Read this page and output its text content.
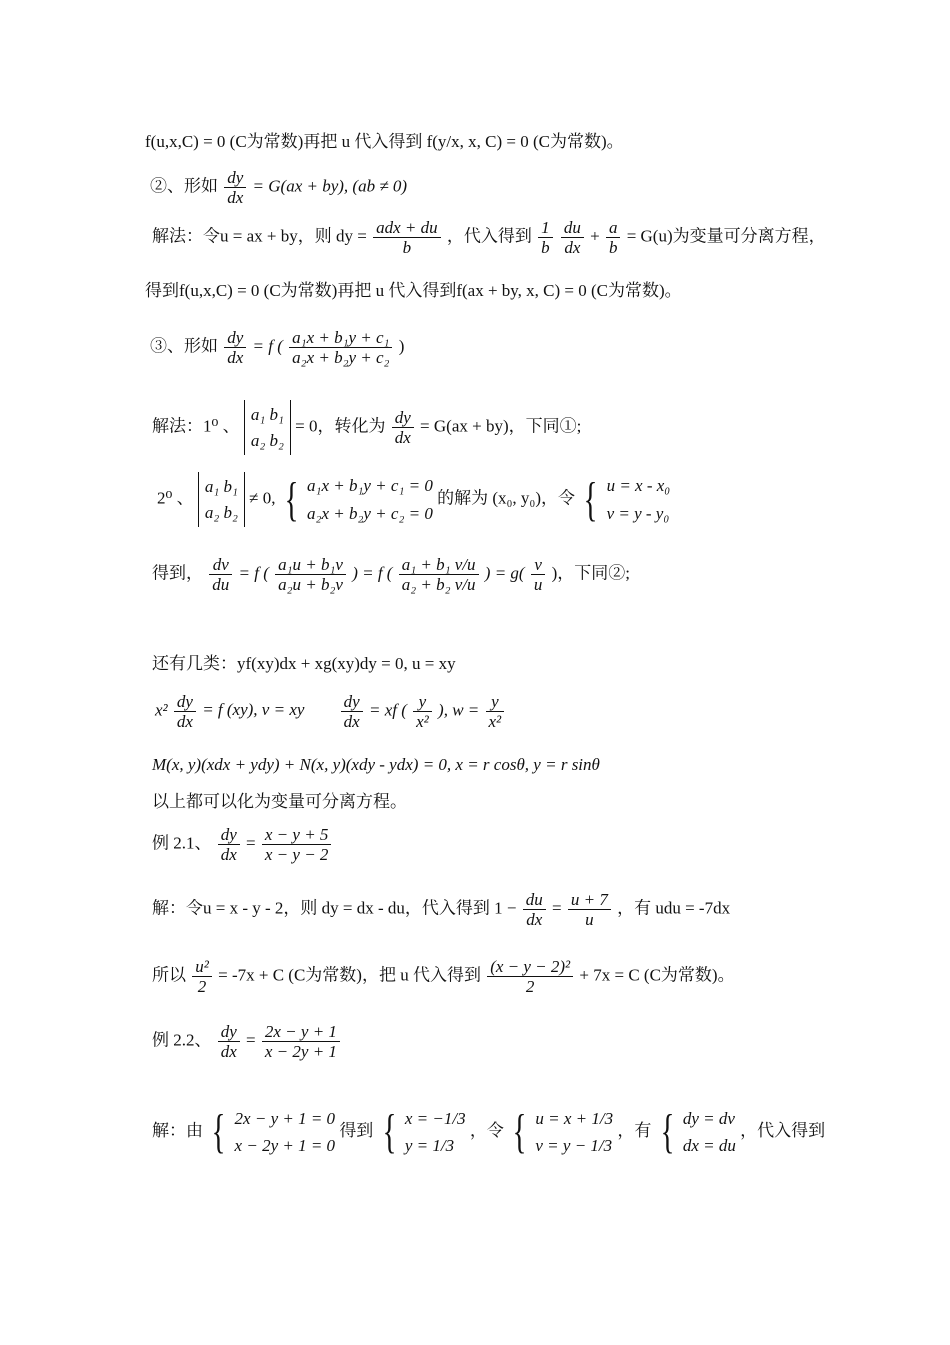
f(u,x,C) = 0 (C为常数)再把 u 代入得到 f(y/x, x, C) = 0 (C为常数)。
②、形如 $\frac{dy}{dx} = G(ax + by)$, (ab ≠ 0)
解法：令u = ax + by，则 dy = $\frac{\text{adx + du}}{b}$ ，代入得到 $\frac{1}{b}$
$\frac{du}{dx} + \frac{a}{b} = G(u)$为变量可分离方程，
得到f(u,x,C) = 0 (C为常数)再把 u 代入得到f(ax + by, x, C) = 0 (C为常数)。
③、形如 $\frac{dy}{dx} = f$ ( $\frac{\text{a₁x + b₁y + c₁}}{\text{a₂x + b₂y + c₂}}$ )
解法：1⁰ 、
a₁ b₁
a₂ b₂
= 0，转化为 $\frac{dy}{dx} = G(ax + by)$，下同①;
2⁰ 、
a₁ b₁
a₂ b₂
≠ 0, { a₁x + b₁y + c₁ = 0
a₂x + b₂y + c₂ = 0
的解为 (x₀, y₀)，令 { u = x - x₀
v = y - y₀
得到， $\frac{dv}{du} = f$ ( $\frac{\text{a₁u + b₁v}}{\text{a₂u + b₂v}}$ ) = f ( $\frac{\text{a₁ + b₁ v/u}}{\text{a₂ + b₂ v/u}}$ ) = $g( \frac{v}{u}$ )，下同②;
还有几类：yf(xy)dx + xg(xy)dy = 0, u = xy
$x^2 \frac{dy}{dx} = f$ (xy), v = xy $\frac{dy}{dx}$ = xf ( $\frac{y}{\text{x²}}$ ), $w = \frac{y}{\text{x²}}$
M(x, y)(xdx + ydy) + N(x, y)(xdy - ydx) = 0, x = r cosθ, y = r sinθ
以上都可以化为变量可分离方程。
例 2.1、 $\frac{dy}{dx} = \frac{x - y + 5}{x - y - 2}$
解：令u = x - y - 2，则 dy = dx - du，代入得到 $1 - \frac{du}{dx} = \frac{u + 7}{u}$ ，有 udu = -7dx
所以 $\frac{\text{u²}}{2} = -7x + C$ (C为常数)，把 u 代入得到 $\frac{\text{(x − y − 2)²}}{2} + 7x = C$ (C为常数)。
例 2.2、 $\frac{dy}{dx} = \frac{2x - y + 1}{x - 2y + 1}$
解：由 { 2x − y + 1 = 0
x − 2y + 1 = 0
得到 { x = −1/3
y = 1/3
，令 { u = x + 1/3
v = y − 1/3
，有 { dy = dv
dx = du
，代入得到
